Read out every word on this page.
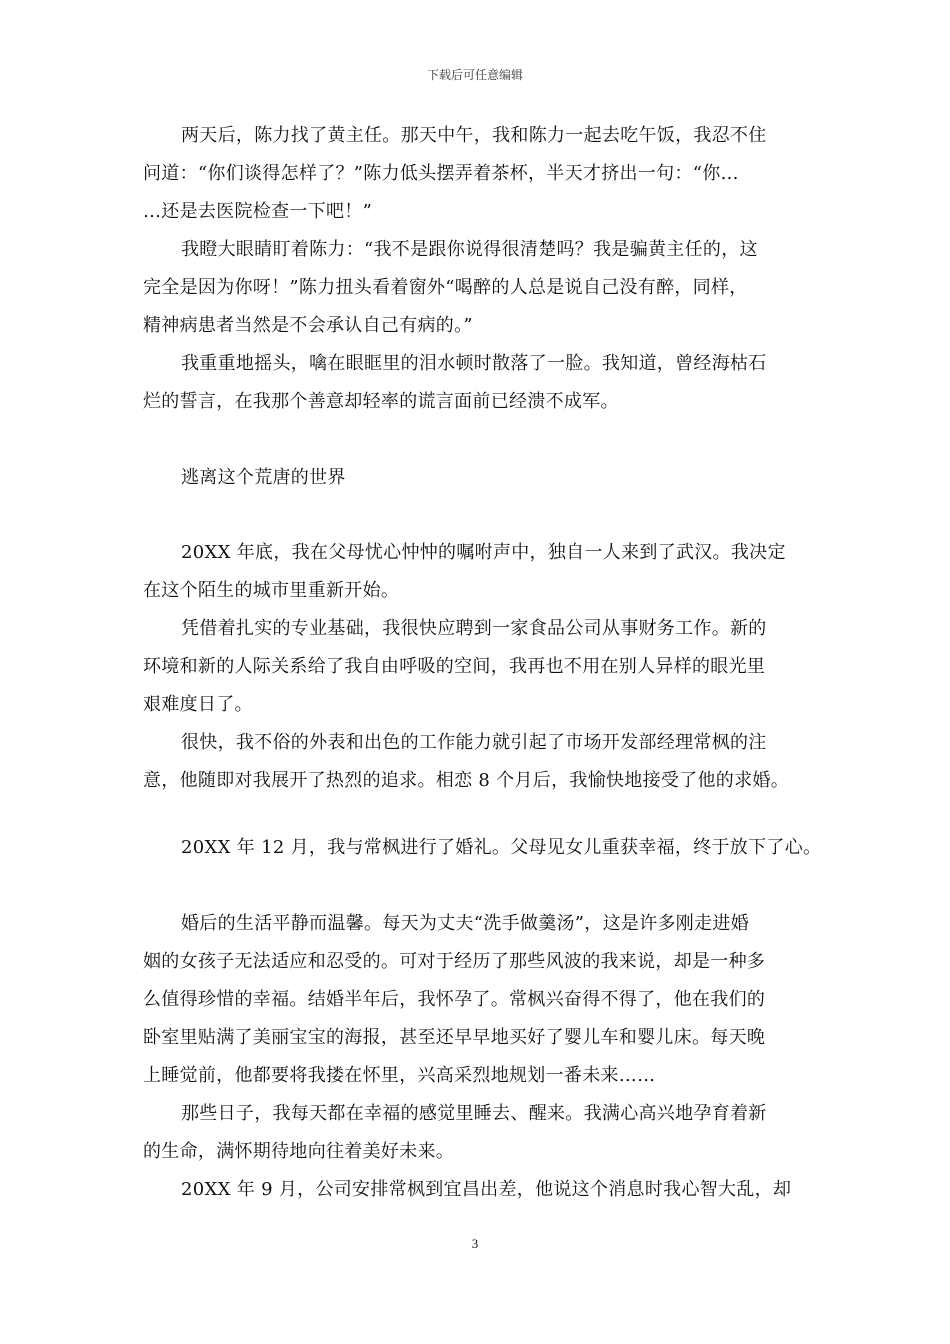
下载后可任意编辑
两天后，陈力找了黄主任。那天中午，我和陈力一起去吃午饭，我忍不住
问道：“你们谈得怎样了？”陈力低头摆弄着茶杯，半天才挤出一句：“你…
…还是去医院检查一下吧！”
我瞪大眼睛盯着陈力：“我不是跟你说得很清楚吗？我是骗黄主任的，这
完全是因为你呀！”陈力扭头看着窗外“喝醉的人总是说自己没有醉，同样，
精神病患者当然是不会承认自己有病的。”
我重重地摇头，噙在眼眶里的泪水顿时散落了一脸。我知道，曾经海枯石
烂的誓言，在我那个善意却轻率的谎言面前已经溃不成军。
逃离这个荒唐的世界
20XX 年底，我在父母忧心忡忡的嘱咐声中，独自一人来到了武汉。我决定
在这个陌生的城市里重新开始。
凭借着扎实的专业基础，我很快应聘到一家食品公司从事财务工作。新的
环境和新的人际关系给了我自由呼吸的空间，我再也不用在别人异样的眼光里
艰难度日了。
很快，我不俗的外表和出色的工作能力就引起了市场开发部经理常枫的注
意，他随即对我展开了热烈的追求。相恋 8 个月后，我愉快地接受了他的求婚。
20XX 年 12 月，我与常枫进行了婚礼。父母见女儿重获幸福，终于放下了心。
婚后的生活平静而温馨。每天为丈夫“洗手做羹汤”，这是许多刚走进婚
姻的女孩子无法适应和忍受的。可对于经历了那些风波的我来说，却是一种多
么值得珍惜的幸福。结婚半年后，我怀孕了。常枫兴奋得不得了，他在我们的
卧室里贴满了美丽宝宝的海报，甚至还早早地买好了婴儿车和婴儿床。每天晚
上睡觉前，他都要将我搂在怀里，兴高采烈地规划一番未来……
那些日子，我每天都在幸福的感觉里睡去、醒来。我满心高兴地孕育着新
的生命，满怀期待地向往着美好未来。
20XX 年 9 月，公司安排常枫到宜昌出差，他说这个消息时我心智大乱，却
3
